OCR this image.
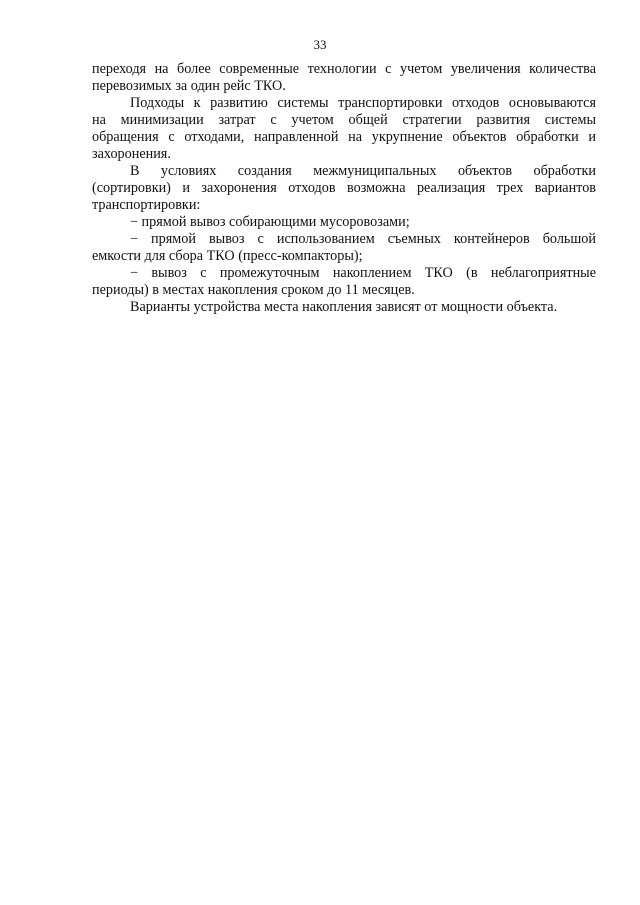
33

переходя на более современные технологии с учетом увеличения количества
перевозимых за один рейс ТКО.

Подходы к развитию системы транспортировки отходов основываются
на минимизации затрат с учетом общей стратегии развития системы
обращения с отходами, направленной на укрупнение объектов обработки и
захоронения.

В условиях создания межмуниципальных объектов обработки
(сортировки) и захоронения отходов возможна реализация трех вариантов
транспортировки:

− прямой вывоз собирающими мусоровозами;

− прямой вывоз с использованием съемных контейнеров большой
емкости для сбора ТКО (пресс-компакторы);

− вывоз с промежуточным накоплением ТКО (в неблагоприятные
периоды) в местах накопления сроком до 11 месяцев.

Варианты устройства места накопления зависят от мощности объекта.
